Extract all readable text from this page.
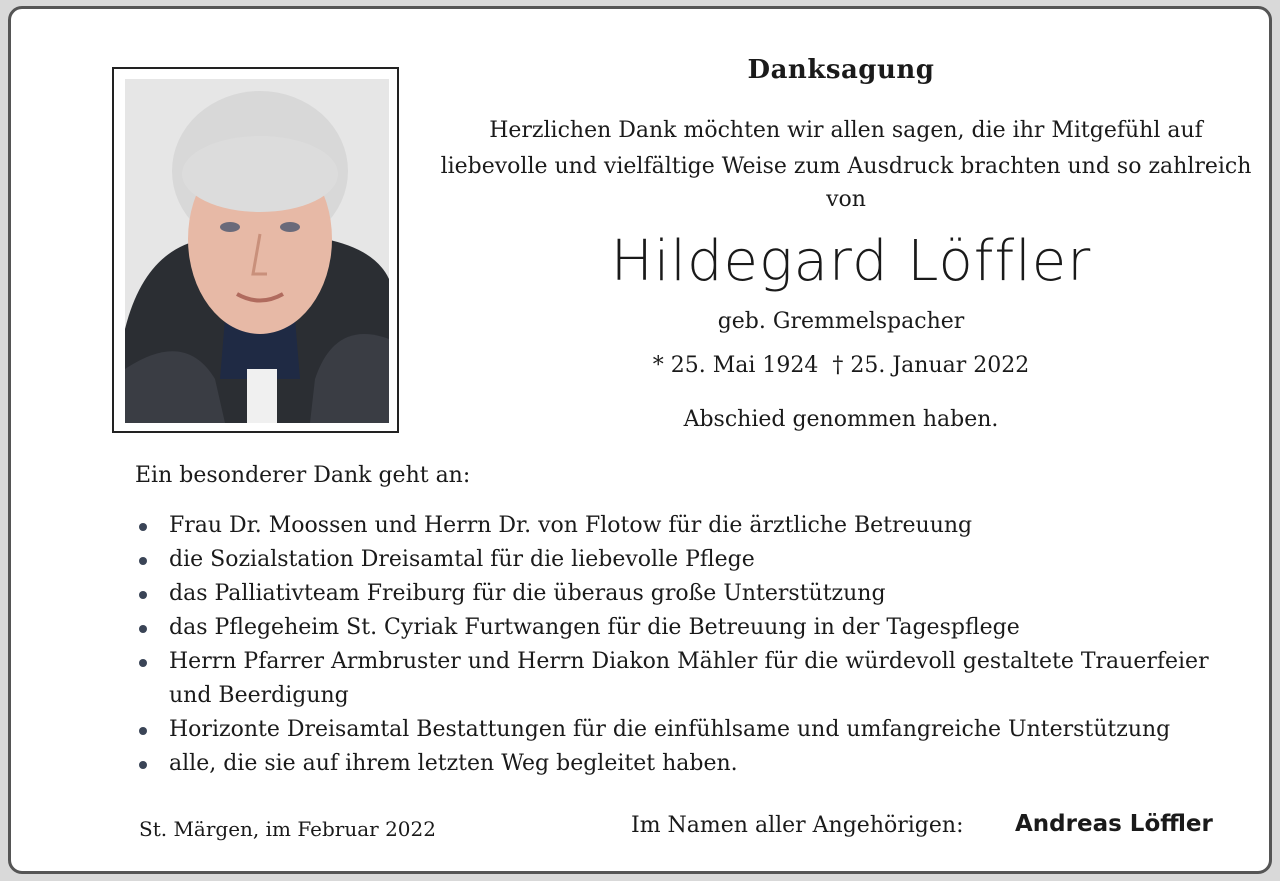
Danksagung
Herzlichen Dank möchten wir allen sagen, die ihr Mitgefühl auf
liebevolle und vielfältige Weise zum Ausdruck brachten und so zahlreich
von
Hildegard Löffler
geb. Gremmelspacher
* 25. Mai 1924  † 25. Januar 2022
Abschied genommen haben.
Ein besonderer Dank geht an:
Frau Dr. Moossen und Herrn Dr. von Flotow für die ärztliche Betreuung
die Sozialstation Dreisamtal für die liebevolle Pflege
das Palliativteam Freiburg für die überaus große Unterstützung
das Pflegeheim St. Cyriak Furtwangen für die Betreuung in der Tagespflege
Herrn Pfarrer Armbruster und Herrn Diakon Mähler für die würdevoll gestaltete Trauerfeier und Beerdigung
Horizonte Dreisamtal Bestattungen für die einfühlsame und umfangreiche Unterstützung
alle, die sie auf ihrem letzten Weg begleitet haben.
St. Märgen, im Februar 2022	Im Namen aller Angehörigen: Andreas Löffler
